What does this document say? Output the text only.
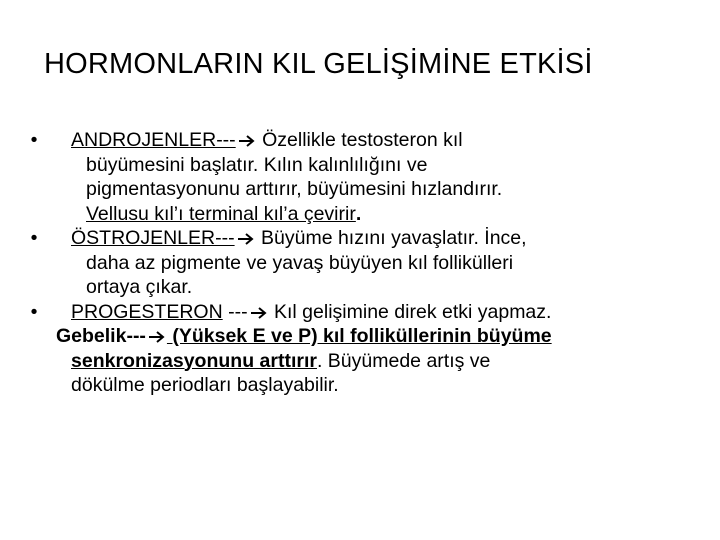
HORMONLARIN KIL GELİŞİMİNE ETKİSİ
• ANDROJENLER---
Özellikle testosteron kıl
büyümesini başlatır. Kılın kalınlılığını ve
pigmentasyonunu arttırır, büyümesini hızlandırır.
Vellusu kıl’ı terminal kıl’a çevirir.
• ÖSTROJENLER---
Büyüme hızını yavaşlatır. İnce,
daha az pigmente ve yavaş büyüyen kıl follikülleri
ortaya çıkar.
• PROGESTERON ---
Kıl gelişimine direk etki yapmaz.
Gebelik---
(Yüksek E ve P) kıl folliküllerinin büyüme
senkronizasyonunu arttırır. Büyümede artış ve
dökülme periodları başlayabilir.
